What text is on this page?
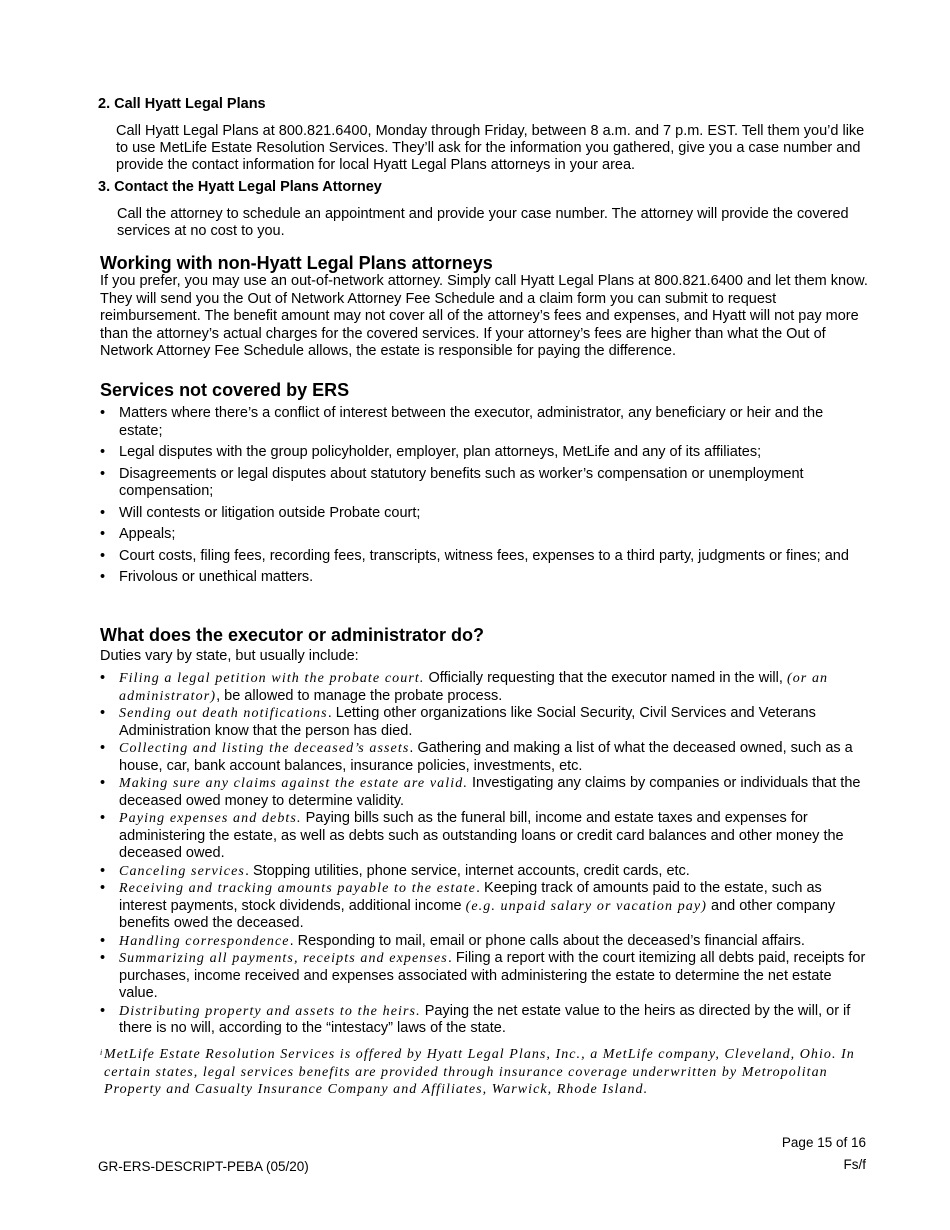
2. Call Hyatt Legal Plans
Call Hyatt Legal Plans at 800.821.6400, Monday through Friday, between 8 a.m. and 7 p.m. EST. Tell them you’d like to use MetLife Estate Resolution Services. They’ll ask for the information you gathered, give you a case number and provide the contact information for local Hyatt Legal Plans attorneys in your area.
3. Contact the Hyatt Legal Plans Attorney
Call the attorney to schedule an appointment and provide your case number. The attorney will provide the covered services at no cost to you.
Working with non-Hyatt Legal Plans attorneys
If you prefer, you may use an out-of-network attorney. Simply call Hyatt Legal Plans at 800.821.6400 and let them know. They will send you the Out of Network Attorney Fee Schedule and a claim form you can submit to request reimbursement. The benefit amount may not cover all of the attorney’s fees and expenses, and Hyatt will not pay more than the attorney’s actual charges for the covered services. If your attorney’s fees are higher than what the Out of Network Attorney Fee Schedule allows, the estate is responsible for paying the difference.
Services not covered by ERS
• Matters where there’s a conflict of interest between the executor, administrator, any beneficiary or heir and the estate;
• Legal disputes with the group policyholder, employer, plan attorneys, MetLife and any of its affiliates;
• Disagreements or legal disputes about statutory benefits such as worker’s compensation or unemployment compensation;
• Will contests or litigation outside Probate court;
• Appeals;
• Court costs, filing fees, recording fees, transcripts, witness fees, expenses to a third party, judgments or fines; and
• Frivolous or unethical matters.
What does the executor or administrator do?
Duties vary by state, but usually include:
• Filing a legal petition with the probate court. Officially requesting that the executor named in the will, (or an administrator), be allowed to manage the probate process.
• Sending out death notifications. Letting other organizations like Social Security, Civil Services and Veterans Administration know that the person has died.
• Collecting and listing the deceased’s assets. Gathering and making a list of what the deceased owned, such as a house, car, bank account balances, insurance policies, investments, etc.
• Making sure any claims against the estate are valid. Investigating any claims by companies or individuals that the deceased owed money to determine validity.
• Paying expenses and debts. Paying bills such as the funeral bill, income and estate taxes and expenses for administering the estate, as well as debts such as outstanding loans or credit card balances and other money the deceased owed.
• Canceling services. Stopping utilities, phone service, internet accounts, credit cards, etc.
• Receiving and tracking amounts payable to the estate. Keeping track of amounts paid to the estate, such as interest payments, stock dividends, additional income (e.g. unpaid salary or vacation pay) and other company benefits owed the deceased.
• Handling correspondence. Responding to mail, email or phone calls about the deceased’s financial affairs.
• Summarizing all payments, receipts and expenses. Filing a report with the court itemizing all debts paid, receipts for purchases, income received and expenses associated with administering the estate to determine the net estate value.
• Distributing property and assets to the heirs. Paying the net estate value to the heirs as directed by the will, or if there is no will, according to the “intestacy” laws of the state.
i MetLife Estate Resolution Services is offered by Hyatt Legal Plans, Inc., a MetLife company, Cleveland, Ohio. In certain states, legal services benefits are provided through insurance coverage underwritten by Metropolitan Property and Casualty Insurance Company and Affiliates, Warwick, Rhode Island.
GR-ERS-DESCRIPT-PEBA (05/20)
Page 15 of 16
Fs/f
